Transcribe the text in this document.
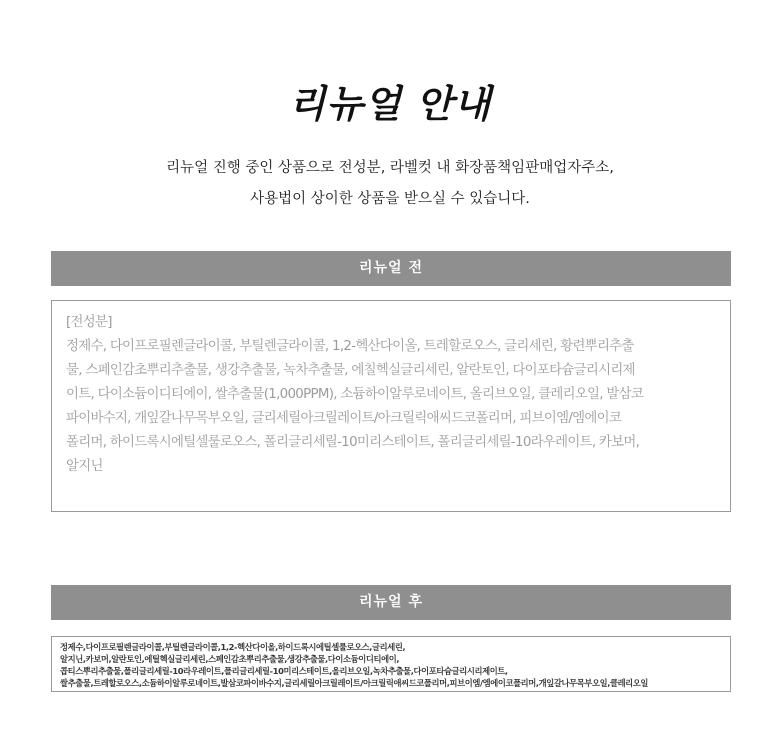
리뉴얼 안내
리뉴얼 진행 중인 상품으로 전성분, 라벨컷 내 화장품책임판매업자주소,
사용법이 상이한 상품을 받으실 수 있습니다.
리뉴얼 전
[전성분]
정제수, 다이프로필렌글라이콜, 부틸렌글라이콜, 1,2-헥산다이올, 트레할로오스, 글리세린, 황련뿌리추출
물, 스페인감초뿌리추출물, 생강추출물, 녹차추출물, 에칠헥실글리세린, 알란토인, 다이포타슘글리시리제
이트, 다이소듐이디티에이, 쌀추출물(1,000PPM), 소듐하이알루로네이트, 올리브오일, 클레리오일, 발삼코
파이바수지, 개잎갈나무목부오일, 글리세릴아크릴레이트/아크릴릭애씨드코폴리머, 피브이엠/엠에이코
폴리머, 하이드록시에틸셀룰로오스, 폴리글리세릴-10미리스테이트, 폴리글리세릴-10라우레이트, 카보머,
알지닌
리뉴얼 후
정제수,다이프로필렌글라이콜,부틸렌글라이콜,1,2-헥산다이올,하이드록시에틸셀룰로오스,글리세린,
알지닌,카보머,알란토인,에틸헥실글리세린,스페인감초뿌리추출물,생강추출물,다이소듐이디티에이,
콥티스뿌리추출물,폴리글리세릴-10라우레이트,폴리글리세릴-10미리스테이트,올리브오일,녹차추출물,다이포타슘글리시리제이트,
쌀추출물,트레할로오스,소듐하이알루로네이트,발삼코파이바수지,글리세릴아크릴레이트/아크릴릭애씨드코폴리머,피브이엠/엠에이코폴리머,개잎갈나무목부오일,클레리오일
